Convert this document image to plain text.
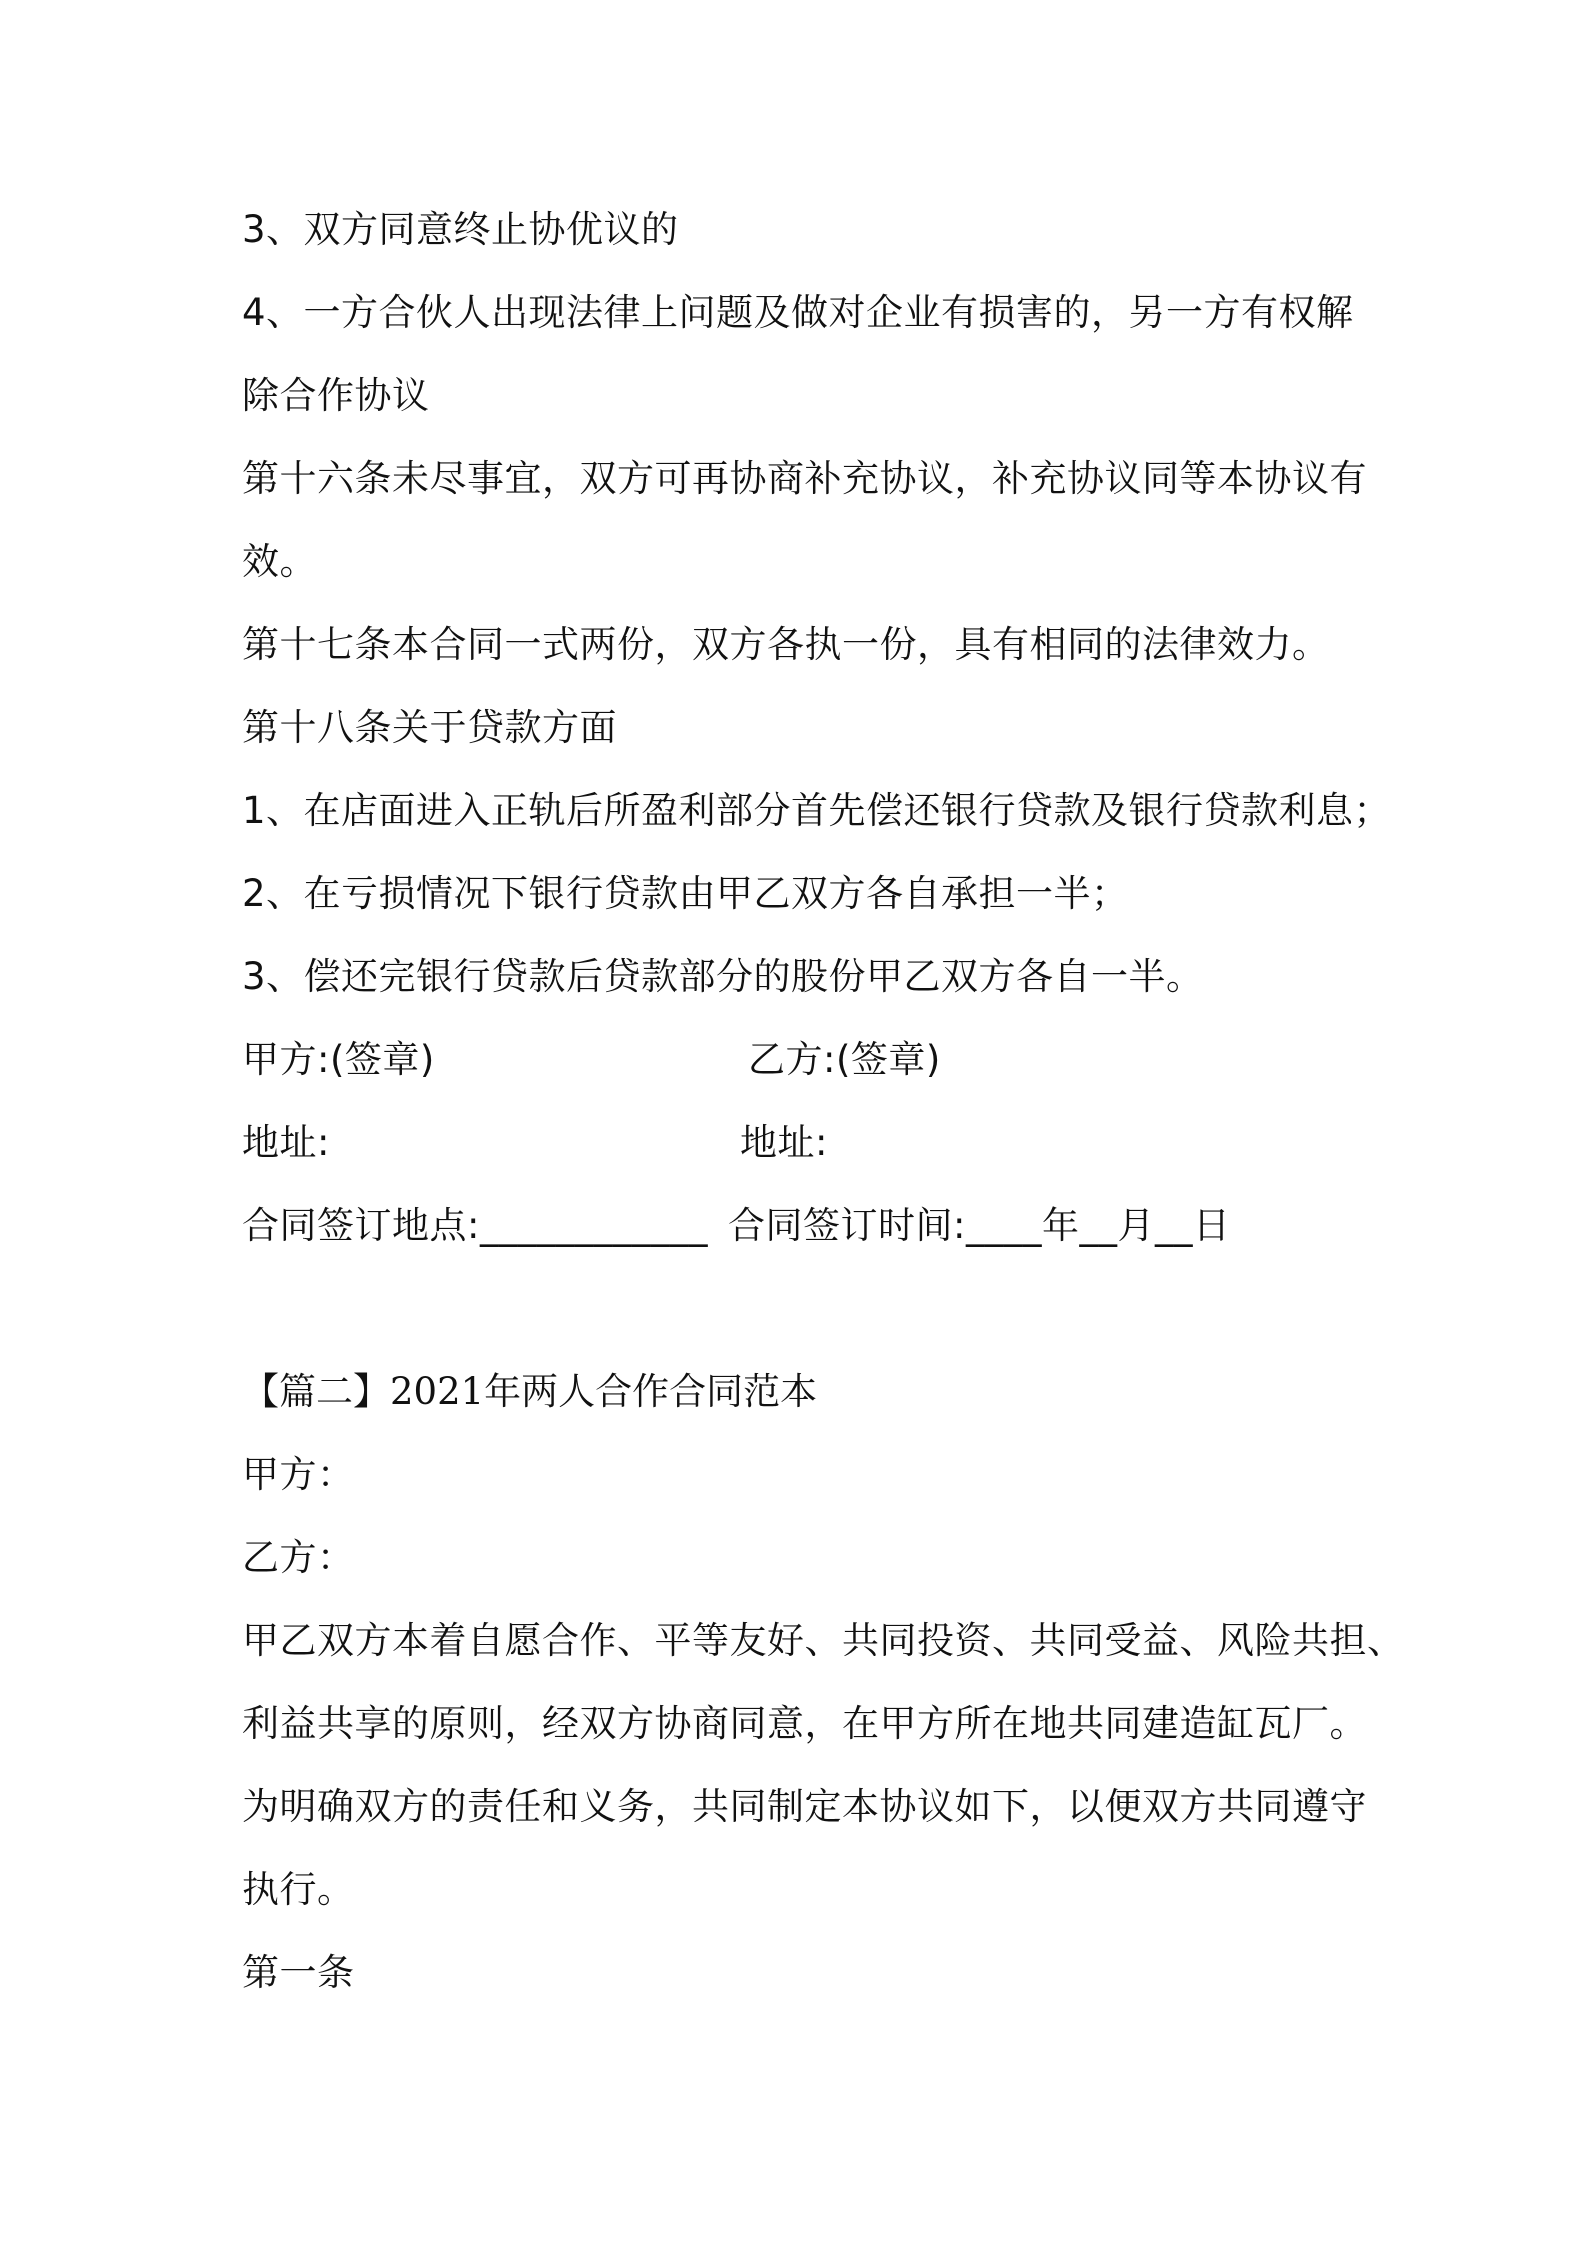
3、双方同意终止协优议的
4、一方合伙人出现法律上问题及做对企业有损害的，另一方有权解
除合作协议
第十六条未尽事宜，双方可再协商补充协议，补充协议同等本协议有
效。
第十七条本合同一式两份，双方各执一份，具有相同的法律效力。
第十八条关于贷款方面
1、在店面进入正轨后所盈利部分首先偿还银行贷款及银行贷款利息；
2、在亏损情况下银行贷款由甲乙双方各自承担一半；
3、偿还完银行贷款后贷款部分的股份甲乙双方各自一半。
甲方:(签章)	乙方:(签章)
地址:	地址:
合同签订地点:____________ 合同签订时间:____年__月__日
【篇二】2021年两人合作合同范本
甲方：
乙方：
甲乙双方本着自愿合作、平等友好、共同投资、共同受益、风险共担、
利益共享的原则，经双方协商同意，在甲方所在地共同建造缸瓦厂。
为明确双方的责任和义务，共同制定本协议如下，以便双方共同遵守
执行。
第一条
